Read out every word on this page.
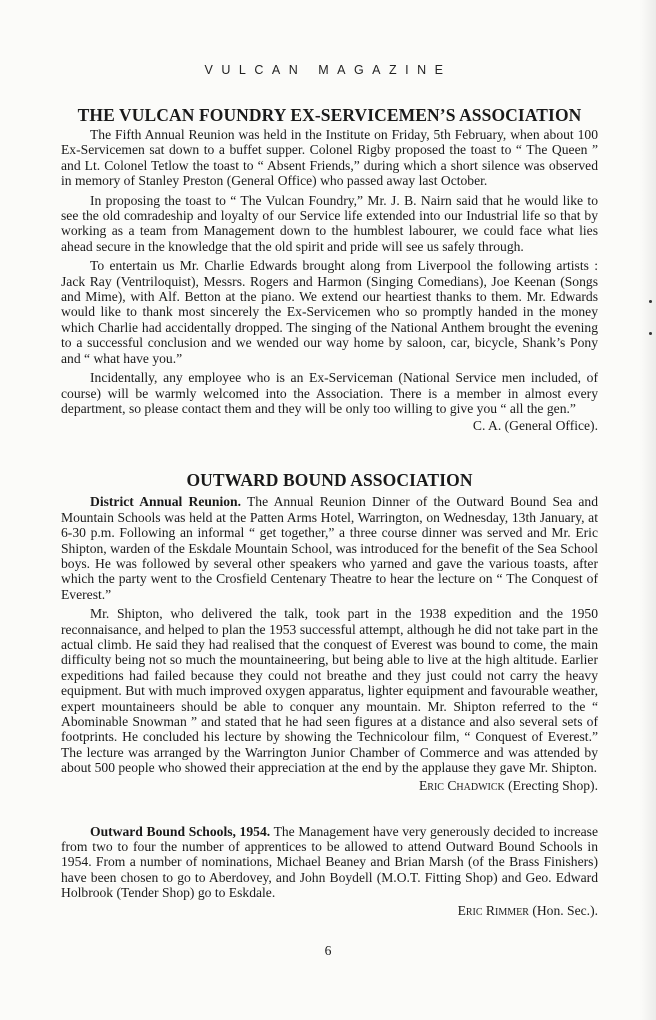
VULCAN MAGAZINE
THE VULCAN FOUNDRY EX-SERVICEMEN’S ASSOCIATION

The Fifth Annual Reunion was held in the Institute on Friday, 5th February, when about 100 Ex-Servicemen sat down to a buffet supper. Colonel Rigby proposed the toast to “ The Queen ” and Lt. Colonel Tetlow the toast to “ Absent Friends,” during which a short silence was observed in memory of Stanley Preston (General Office) who passed away last October.

In proposing the toast to “ The Vulcan Foundry,” Mr. J. B. Nairn said that he would like to see the old comradeship and loyalty of our Service life extended into our Industrial life so that by working as a team from Management down to the humblest labourer, we could face what lies ahead secure in the knowledge that the old spirit and pride will see us safely through.

To entertain us Mr. Charlie Edwards brought along from Liverpool the following artists : Jack Ray (Ventriloquist), Messrs. Rogers and Harmon (Singing Comedians), Joe Keenan (Songs and Mime), with Alf. Betton at the piano. We extend our heartiest thanks to them. Mr. Edwards would like to thank most sincerely the Ex-Servicemen who so promptly handed in the money which Charlie had accidentally dropped. The singing of the National Anthem brought the evening to a successful conclusion and we wended our way home by saloon, car, bicycle, Shank’s Pony and “ what have you.”

Incidentally, any employee who is an Ex-Serviceman (National Service men included, of course) will be warmly welcomed into the Association. There is a member in almost every department, so please contact them and they will be only too willing to give you “ all the gen.”

C. A. (General Office).
OUTWARD BOUND ASSOCIATION

District Annual Reunion. The Annual Reunion Dinner of the Outward Bound Sea and Mountain Schools was held at the Patten Arms Hotel, Warrington, on Wednesday, 13th January, at 6-30 p.m. Following an informal “ get together,” a three course dinner was served and Mr. Eric Shipton, warden of the Eskdale Mountain School, was introduced for the benefit of the Sea School boys. He was followed by several other speakers who yarned and gave the various toasts, after which the party went to the Crosfield Centenary Theatre to hear the lecture on “ The Conquest of Everest.”

Mr. Shipton, who delivered the talk, took part in the 1938 expedition and the 1950 reconnaisance, and helped to plan the 1953 successful attempt, although he did not take part in the actual climb. He said they had realised that the conquest of Everest was bound to come, the main difficulty being not so much the mountaineering, but being able to live at the high altitude. Earlier expeditions had failed because they could not breathe and they just could not carry the heavy equipment. But with much improved oxygen apparatus, lighter equipment and favourable weather, expert mountaineers should be able to conquer any mountain. Mr. Shipton referred to the “ Abominable Snowman ” and stated that he had seen figures at a distance and also several sets of footprints. He concluded his lecture by showing the Technicolour film, “ Conquest of Everest.” The lecture was arranged by the Warrington Junior Chamber of Commerce and was attended by about 500 people who showed their appreciation at the end by the applause they gave Mr. Shipton.

Eric Chadwick (Erecting Shop).

Outward Bound Schools, 1954. The Management have very generously decided to increase from two to four the number of apprentices to be allowed to attend Outward Bound Schools in 1954. From a number of nominations, Michael Beaney and Brian Marsh (of the Brass Finishers) have been chosen to go to Aberdovey, and John Boydell (M.O.T. Fitting Shop) and Geo. Edward Holbrook (Tender Shop) go to Eskdale.

Eric Rimmer (Hon. Sec.).
6
